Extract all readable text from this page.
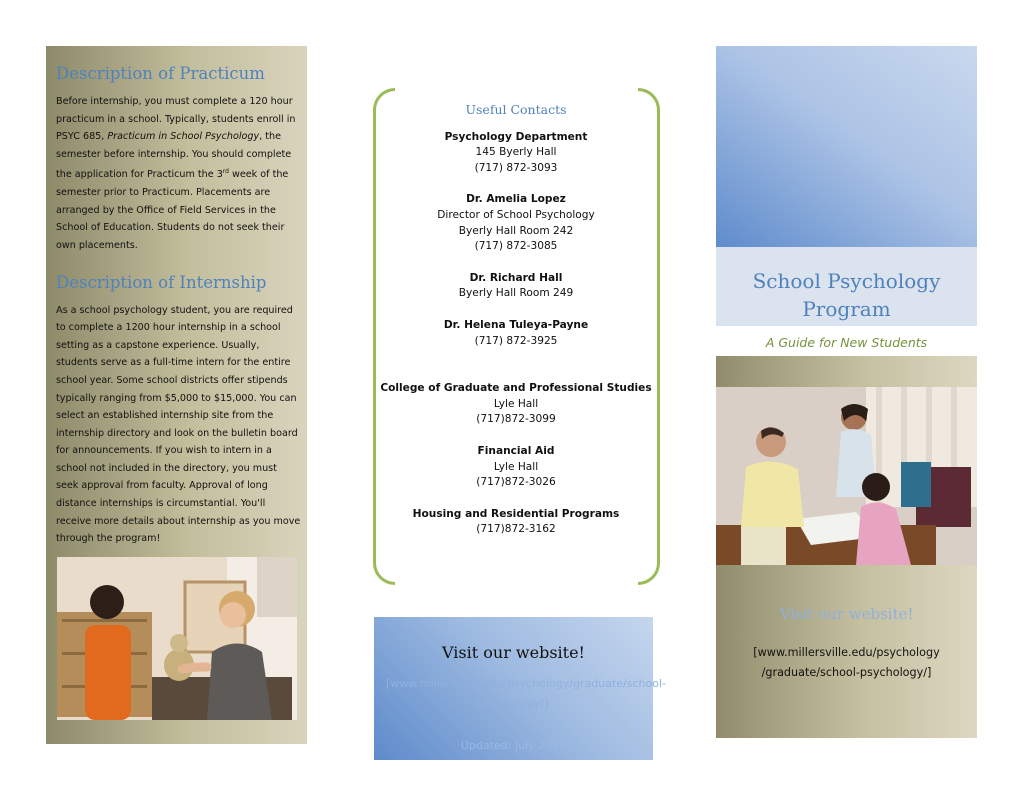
Description of Practicum

Before internship, you must complete a 120 hour practicum in a school. Typically, students enroll in PSYC 685, Practicum in School Psychology, the semester before internship. You should complete the application for Practicum the 3rd week of the semester prior to Practicum. Placements are arranged by the Office of Field Services in the School of Education. Students do not seek their own placements.

Description of Internship

As a school psychology student, you are required to complete a 1200 hour internship in a school setting as a capstone experience. Usually, students serve as a full-time intern for the entire school year. Some school districts offer stipends typically ranging from $5,000 to $15,000. You can select an established internship site from the internship directory and look on the bulletin board for announcements. If you wish to intern in a school not included in the directory, you must seek approval from faculty. Approval of long distance internships is circumstantial. You'll receive more details about internship as you move through the program!

Useful Contacts
Psychology Department
145 Byerly Hall
(717) 872-3093
Dr. Amelia Lopez
Director of School Psychology
Byerly Hall Room 242
(717) 872-3085
Dr. Richard Hall
Byerly Hall Room 249
Dr. Helena Tuleya-Payne
(717) 872-3925
College of Graduate and Professional Studies
Lyle Hall
(717)872-3099
Financial Aid
Lyle Hall
(717)872-3026
Housing and Residential Programs
(717)872-3162
Visit our website!
[www.millersville.edu/psychology/graduate/school-psychology/]
Updated: July 2012
School Psychology Program
A Guide for New Students
Visit our website!
[www.millersville.edu/psychology
/graduate/school-psychology/]
